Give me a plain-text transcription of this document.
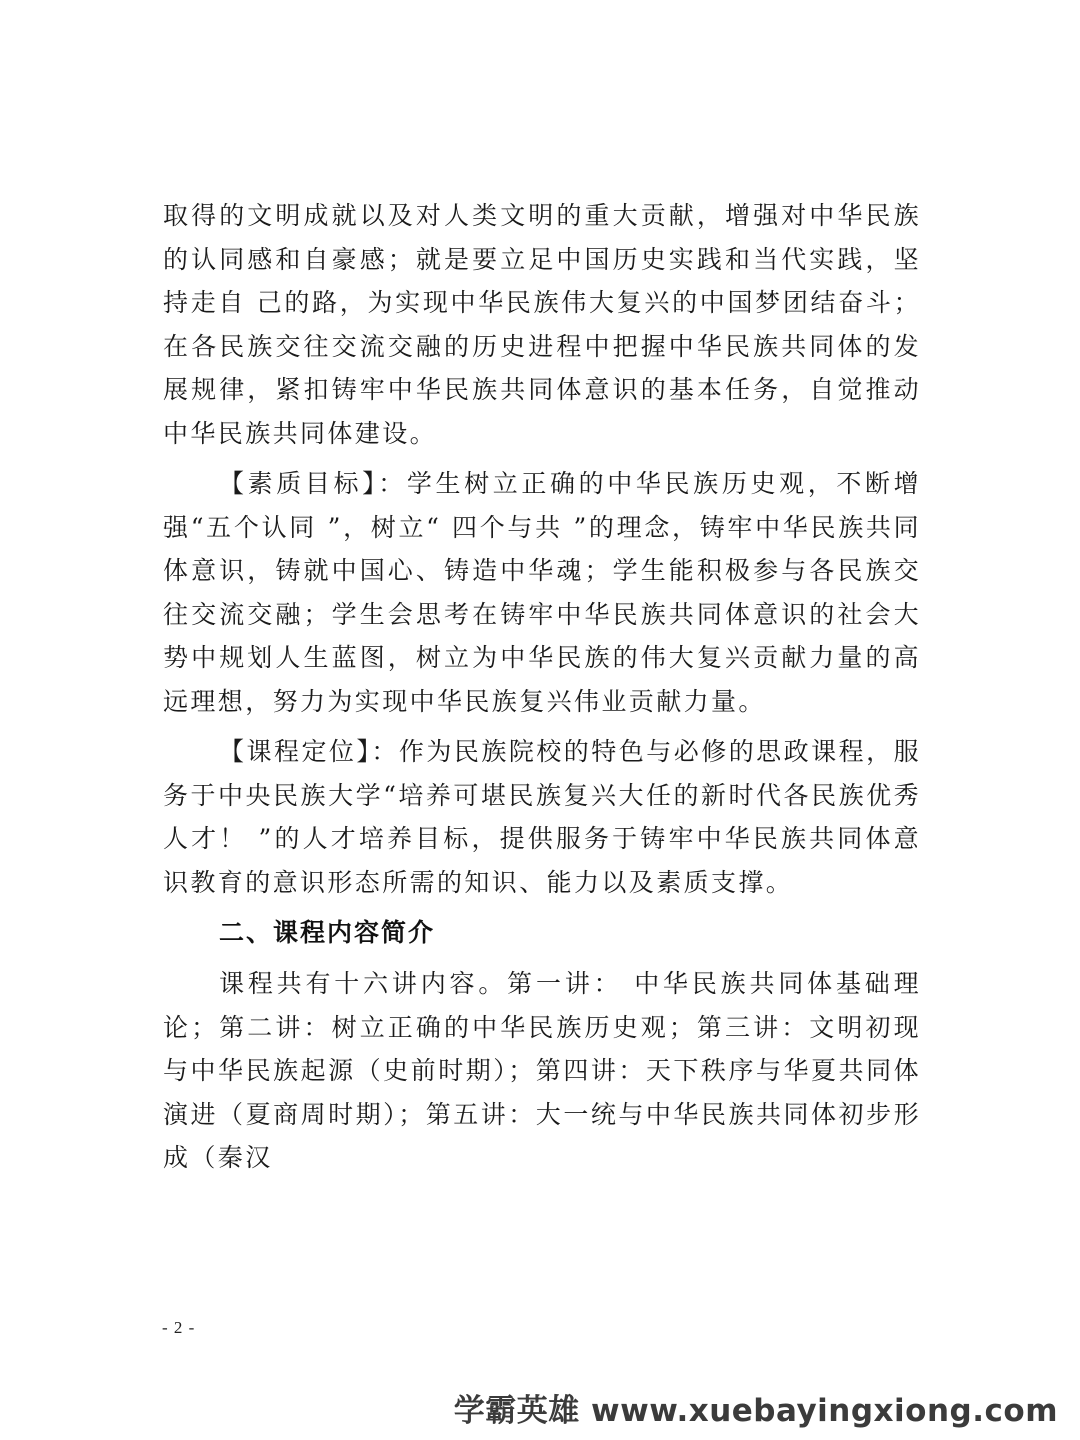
取得的文明成就以及对人类文明的重大贡献，增强对中华民族的认同感和自豪感；就是要立足中国历史实践和当代实践，坚持走自 己的路，为实现中华民族伟大复兴的中国梦团结奋斗；在各民族交往交流交融的历史进程中把握中华民族共同体的发展规律，紧扣铸牢中华民族共同体意识的基本任务，自觉推动中华民族共同体建设。

【素质目标】：学生树立正确的中华民族历史观，不断增强“五个认同 ”，树立“ 四个与共 ”的理念，铸牢中华民族共同体意识，铸就中国心、铸造中华魂；学生能积极参与各民族交往交流交融；学生会思考在铸牢中华民族共同体意识的社会大势中规划人生蓝图，树立为中华民族的伟大复兴贡献力量的高远理想，努力为实现中华民族复兴伟业贡献力量。

【课程定位】：作为民族院校的特色与必修的思政课程，服务于中央民族大学“培养可堪民族复兴大任的新时代各民族优秀人才！ ”的人才培养目标，提供服务于铸牢中华民族共同体意识教育的意识形态所需的知识、能力以及素质支撑。

二、课程内容简介

课程共有十六讲内容。第一讲： 中华民族共同体基础理论；第二讲：树立正确的中华民族历史观；第三讲：文明初现与中华民族起源（史前时期）；第四讲：天下秩序与华夏共同体演进（夏商周时期）；第五讲：大一统与中华民族共同体初步形成（秦汉

- 2 -
学霸英雄 www.xuebayingxiong.com
